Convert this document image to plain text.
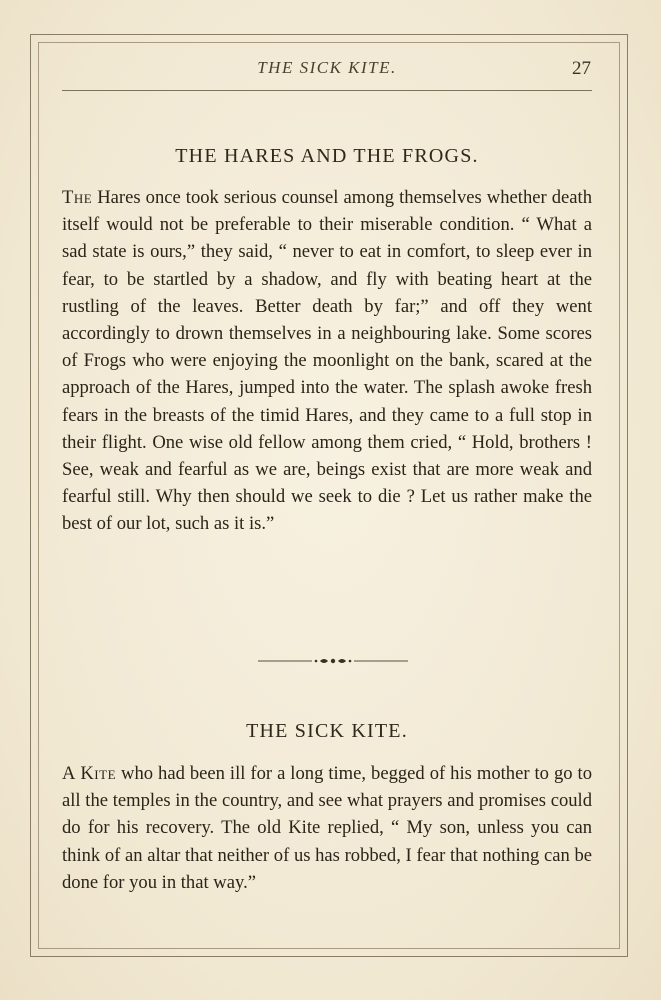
THE SICK KITE.	27
THE HARES AND THE FROGS.

The Hares once took serious counsel among themselves whether death itself would not be preferable to their miserable condition. “ What a sad state is ours,” they said, “ never to eat in comfort, to sleep ever in fear, to be startled by a shadow, and fly with beating heart at the rustling of the leaves. Better death by far;” and off they went accordingly to drown themselves in a neighbouring lake. Some scores of Frogs who were enjoying the moonlight on the bank, scared at the approach of the Hares, jumped into the water. The splash awoke fresh fears in the breasts of the timid Hares, and they came to a full stop in their flight. One wise old fellow among them cried, “ Hold, brothers ! See, weak and fearful as we are, beings exist that are more weak and fearful still. Why then should we seek to die ? Let us rather make the best of our lot, such as it is.”

THE SICK KITE.

A Kite who had been ill for a long time, begged of his mother to go to all the temples in the country, and see what prayers and promises could do for his recovery. The old Kite replied, “ My son, unless you can think of an altar that neither of us has robbed, I fear that nothing can be done for you in that way.”
